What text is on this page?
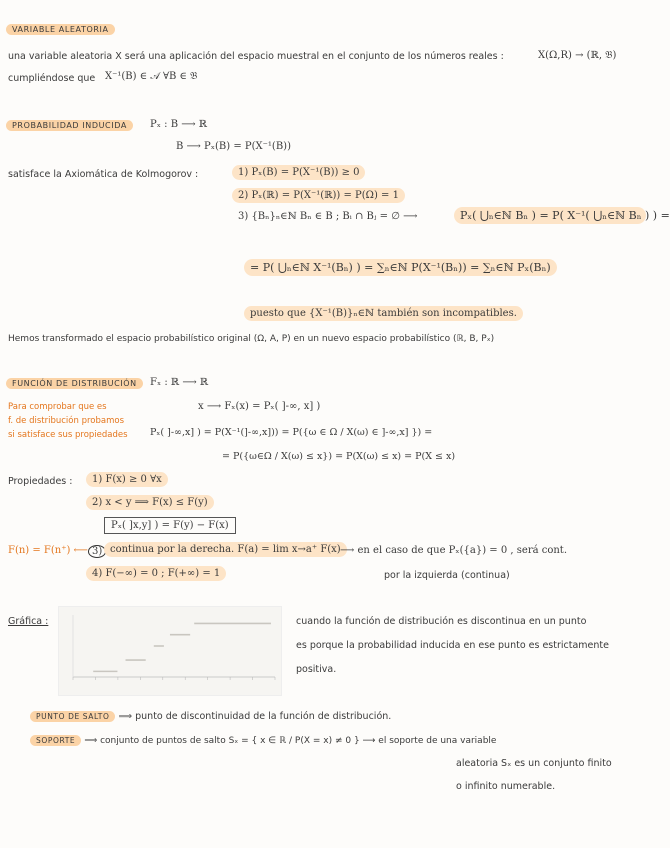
VARIABLE ALEATORIA
una variable aleatoria X será una aplicación del espacio muestral en el conjunto de los números reales :	X(Ω,R) → (ℝ, 𝔅)
cumpliéndose que X⁻¹(B) ∈ 𝒜 ∀B ∈ 𝔅
PROBABILIDAD INDUCIDA	Pₓ : B ⟶ ℝ
B ⟶ Pₓ(B) = P(X⁻¹(B))
satisface la Axiomática de Kolmogorov :	1) Pₓ(B) = P(X⁻¹(B)) ≥ 0
2) Pₓ(ℝ) = P(X⁻¹(ℝ)) = P(Ω) = 1
3) {Bₙ}ₙ∈ℕ Bₙ ∈ B ; Bᵢ ∩ Bⱼ = ∅ ⟶	Pₓ( ⋃ₙ∈ℕ Bₙ ) = P( X⁻¹( ⋃ₙ∈ℕ Bₙ ) ) =
= P( ⋃ₙ∈ℕ X⁻¹(Bₙ) ) = ∑ₙ∈ℕ P(X⁻¹(Bₙ)) = ∑ₙ∈ℕ Pₓ(Bₙ)
puesto que {X⁻¹(B)}ₙ∈ℕ también son incompatibles.
Hemos transformado el espacio probabilístico original (Ω, A, P) en un nuevo espacio probabilístico (ℝ, B, Pₓ)
FUNCIÓN DE DISTRIBUCIÓN	Fₓ : ℝ ⟶ ℝ
Para comprobar que es
f. de distribución probamos
si satisface sus propiedades
x ⟶ Fₓ(x) = Pₓ( ]-∞, x] )
Pₓ( ]-∞,x] ) = P(X⁻¹(]-∞,x])) = P({ω ∈ Ω / X(ω) ∈ ]-∞,x] }) =
= P({ω∈Ω / X(ω) ≤ x}) = P(X(ω) ≤ x) = P(X ≤ x)
Propiedades :	1) F(x) ≥ 0 ∀x
2) x < y ⟹ F(x) ≤ F(y)
Pₓ( ]x,y] ) = F(y) − F(x)
F(n) = F(n⁺) ⟵ 3) continua por la derecha. F(a) = lim x→a⁺ F(x) ⟶ en el caso de que Pₓ({a}) = 0 , será cont.
por la izquierda (continua)
4) F(−∞) = 0 ; F(+∞) = 1
Gráfica :	cuando la función de distribución es discontinua en un punto
es porque la probabilidad inducida en ese punto es estrictamente
positiva.
PUNTO DE SALTO ⟹ punto de discontinuidad de la función de distribución.
SOPORTE ⟹ conjunto de puntos de salto Sₓ = { x ∈ ℝ / P(X = x) ≠ 0 } ⟶ el soporte de una variable
aleatoria Sₓ es un conjunto finito
o infinito numerable.
